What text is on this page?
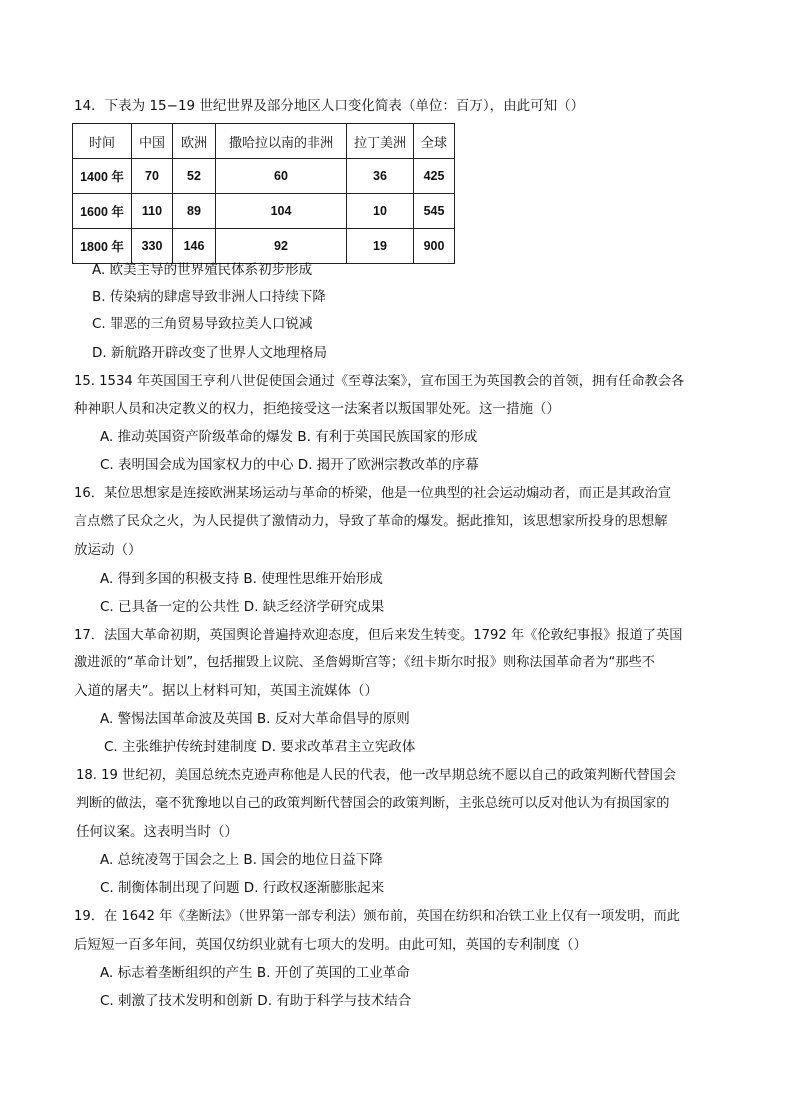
14．下表为 15−19 世纪世界及部分地区人口变化简表（单位：百万），由此可知（）
时间	中国	欧洲	撒哈拉以南的非洲	拉丁美洲	全球
1400 年	70	52	60	36	425
1600 年	110	89	104	10	545
1800 年	330	146	92	19	900
A. 欧美主导的世界殖民体系初步形成
B. 传染病的肆虐导致非洲人口持续下降
C. 罪恶的三角贸易导致拉美人口锐减
D. 新航路开辟改变了世界人文地理格局
15. 1534 年英国国王亨利八世促使国会通过《至尊法案》，宣布国王为英国教会的首领，拥有任命教会各
种神职人员和决定教义的权力，拒绝接受这一法案者以叛国罪处死。这一措施（）
A. 推动英国资产阶级革命的爆发 B. 有利于英国民族国家的形成
C. 表明国会成为国家权力的中心 D. 揭开了欧洲宗教改革的序幕
16．某位思想家是连接欧洲某场运动与革命的桥梁，他是一位典型的社会运动煽动者，而正是其政治宣
言点燃了民众之火，为人民提供了激情动力，导致了革命的爆发。据此推知，该思想家所投身的思想解
放运动（）
A. 得到多国的积极支持 B. 使理性思维开始形成
C. 已具备一定的公共性 D. 缺乏经济学研究成果
17．法国大革命初期，英国舆论普遍持欢迎态度，但后来发生转变。1792 年《伦敦纪事报》报道了英国
激进派的“革命计划”，包括摧毁上议院、圣詹姆斯宫等；《纽卡斯尔时报》则称法国革命者为“那些不
入道的屠夫”。据以上材料可知，英国主流媒体（）
A. 警惕法国革命波及英国 B. 反对大革命倡导的原则
C. 主张维护传统封建制度 D. 要求改革君主立宪政体
18. 19 世纪初，美国总统杰克逊声称他是人民的代表，他一改早期总统不愿以自己的政策判断代替国会
判断的做法，毫不犹豫地以自己的政策判断代替国会的政策判断，主张总统可以反对他认为有损国家的
任何议案。这表明当时（）
A. 总统凌驾于国会之上 B. 国会的地位日益下降
C. 制衡体制出现了问题 D. 行政权逐渐膨胀起来
19．在 1642 年《垄断法》（世界第一部专利法）颁布前，英国在纺织和冶铁工业上仅有一项发明，而此
后短短一百多年间，英国仅纺织业就有七项大的发明。由此可知，英国的专利制度（）
A. 标志着垄断组织的产生 B. 开创了英国的工业革命
C. 刺激了技术发明和创新 D. 有助于科学与技术结合
